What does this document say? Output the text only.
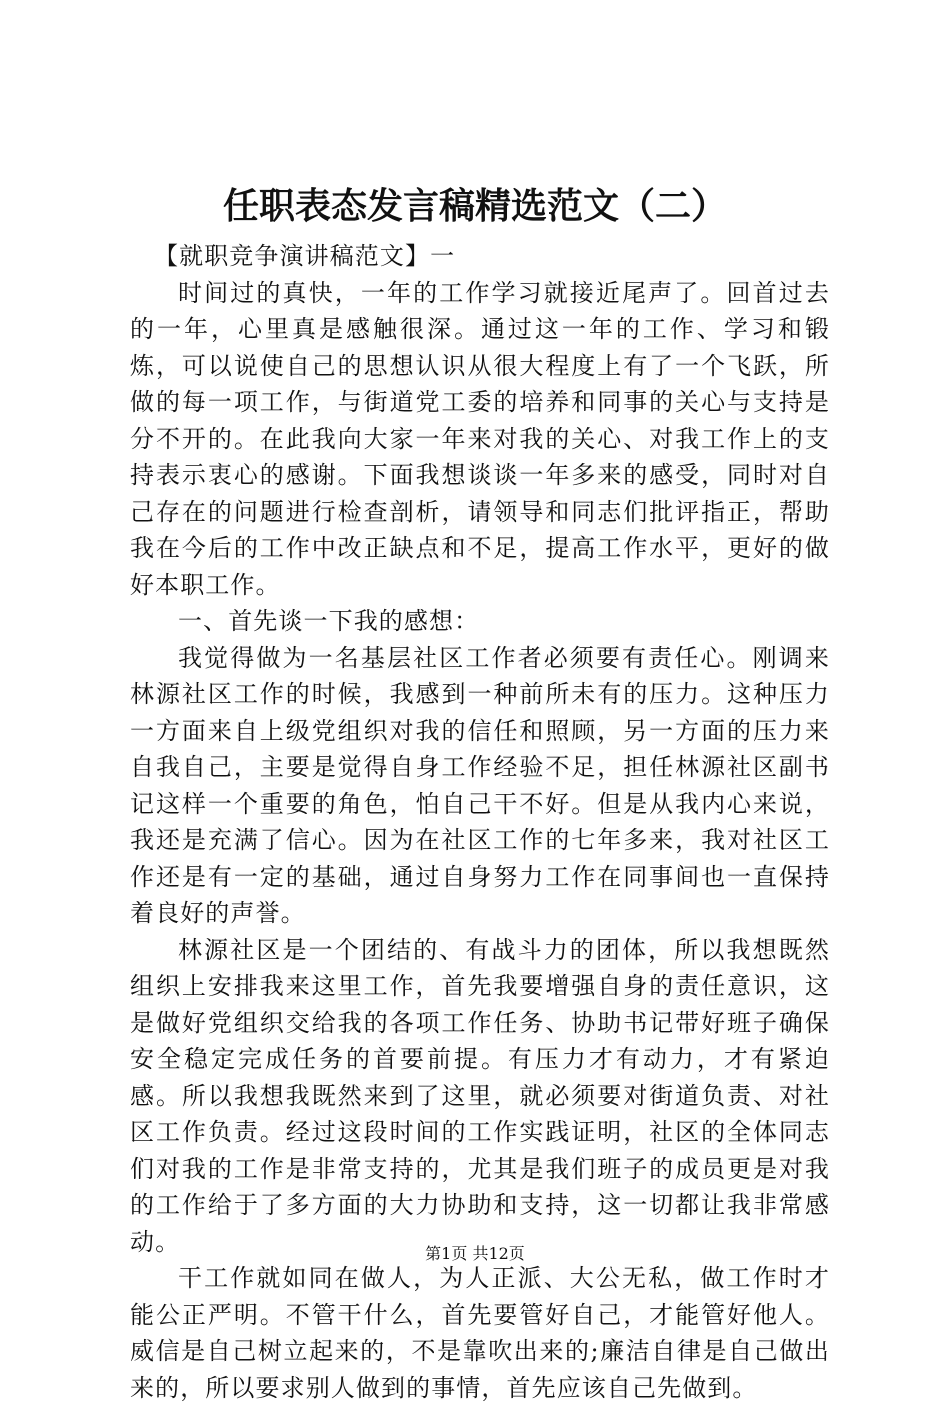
任职表态发言稿精选范文（二）

【就职竞争演讲稿范文】一

时间过的真快，一年的工作学习就接近尾声了。回首过去的一年，心里真是感触很深。通过这一年的工作、学习和锻炼，可以说使自己的思想认识从很大程度上有了一个飞跃，所做的每一项工作，与街道党工委的培养和同事的关心与支持是分不开的。在此我向大家一年来对我的关心、对我工作上的支持表示衷心的感谢。下面我想谈谈一年多来的感受，同时对自己存在的问题进行检查剖析，请领导和同志们批评指正，帮助我在今后的工作中改正缺点和不足，提高工作水平，更好的做好本职工作。

一、首先谈一下我的感想：

我觉得做为一名基层社区工作者必须要有责任心。刚调来林源社区工作的时候，我感到一种前所未有的压力。这种压力一方面来自上级党组织对我的信任和照顾，另一方面的压力来自我自己，主要是觉得自身工作经验不足，担任林源社区副书记这样一个重要的角色，怕自己干不好。但是从我内心来说，我还是充满了信心。因为在社区工作的七年多来，我对社区工作还是有一定的基础，通过自身努力工作在同事间也一直保持着良好的声誉。

林源社区是一个团结的、有战斗力的团体，所以我想既然组织上安排我来这里工作，首先我要增强自身的责任意识，这是做好党组织交给我的各项工作任务、协助书记带好班子确保安全稳定完成任务的首要前提。有压力才有动力，才有紧迫感。所以我想我既然来到了这里，就必须要对街道负责、对社区工作负责。经过这段时间的工作实践证明，社区的全体同志们对我的工作是非常支持的，尤其是我们班子的成员更是对我的工作给于了多方面的大力协助和支持，这一切都让我非常感动。

干工作就如同在做人，为人正派、大公无私，做工作时才能公正严明。不管干什么，首先要管好自己，才能管好他人。威信是自己树立起来的，不是靠吹出来的;廉洁自律是自己做出来的，所以要求别人做到的事情，首先应该自己先做到。

第1页 共12页
